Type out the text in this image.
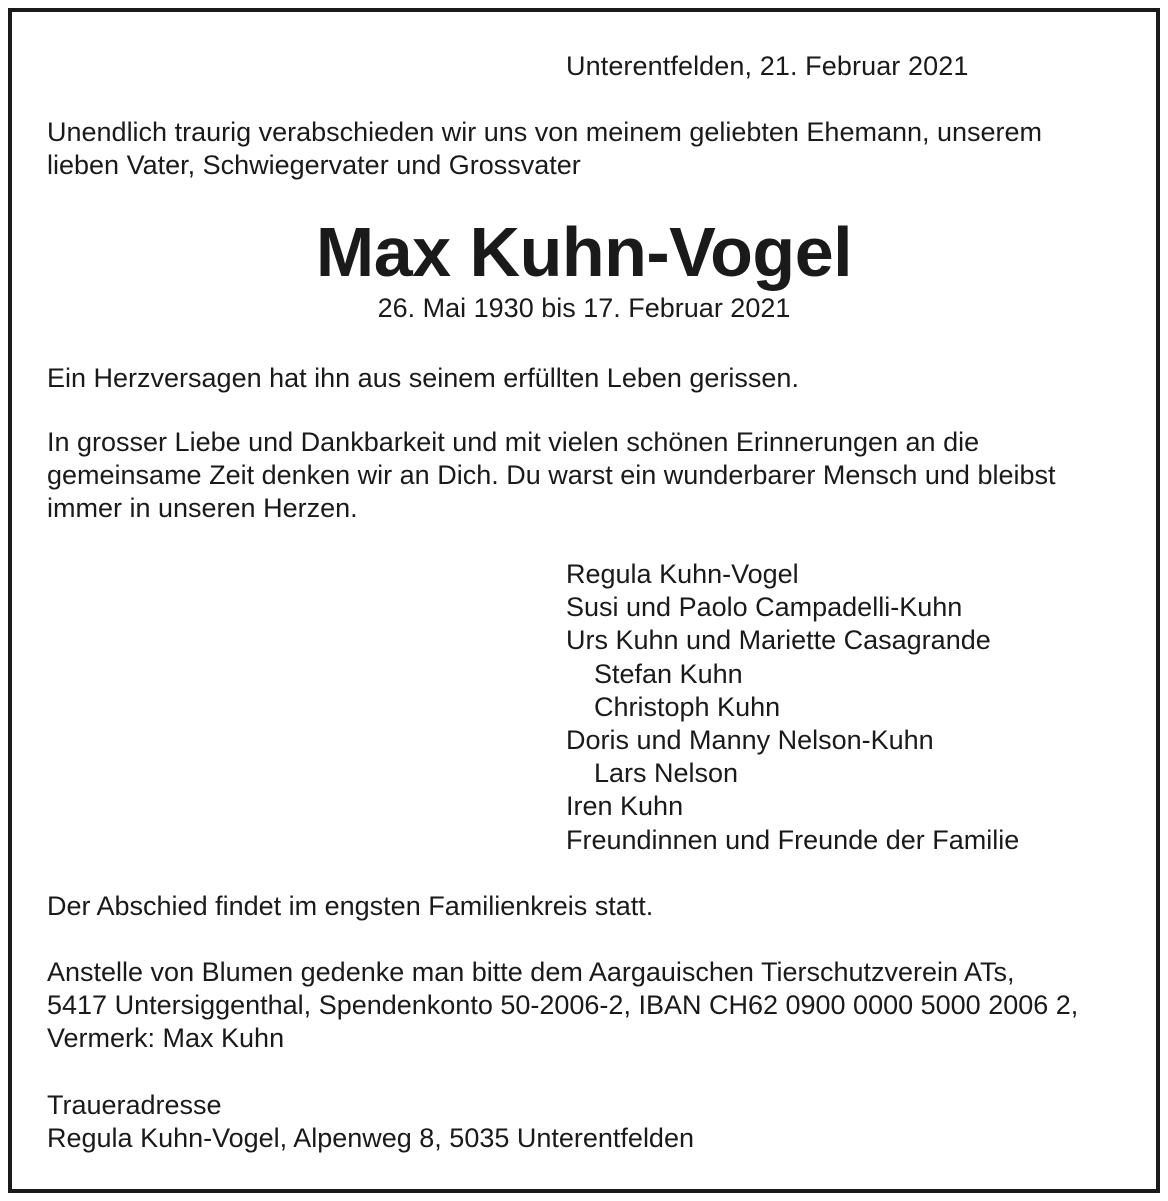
Unterentfelden, 21. Februar 2021
Unendlich traurig verabschieden wir uns von meinem geliebten Ehemann, unserem
lieben Vater, Schwiegervater und Grossvater
Max Kuhn-Vogel
26. Mai 1930 bis 17. Februar 2021
Ein Herzversagen hat ihn aus seinem erfüllten Leben gerissen.
In grosser Liebe und Dankbarkeit und mit vielen schönen Erinnerungen an die
gemeinsame Zeit denken wir an Dich. Du warst ein wunderbarer Mensch und bleibst
immer in unseren Herzen.
Regula Kuhn-Vogel
Susi und Paolo Campadelli-Kuhn
Urs Kuhn und Mariette Casagrande
Stefan Kuhn
Christoph Kuhn
Doris und Manny Nelson-Kuhn
Lars Nelson
Iren Kuhn
Freundinnen und Freunde der Familie
Der Abschied findet im engsten Familienkreis statt.
Anstelle von Blumen gedenke man bitte dem Aargauischen Tierschutzverein ATs,
5417 Untersiggenthal, Spendenkonto 50-2006-2, IBAN CH62 0900 0000 5000 2006 2,
Vermerk: Max Kuhn
Traueradresse
Regula Kuhn-Vogel, Alpenweg 8, 5035 Unterentfelden
